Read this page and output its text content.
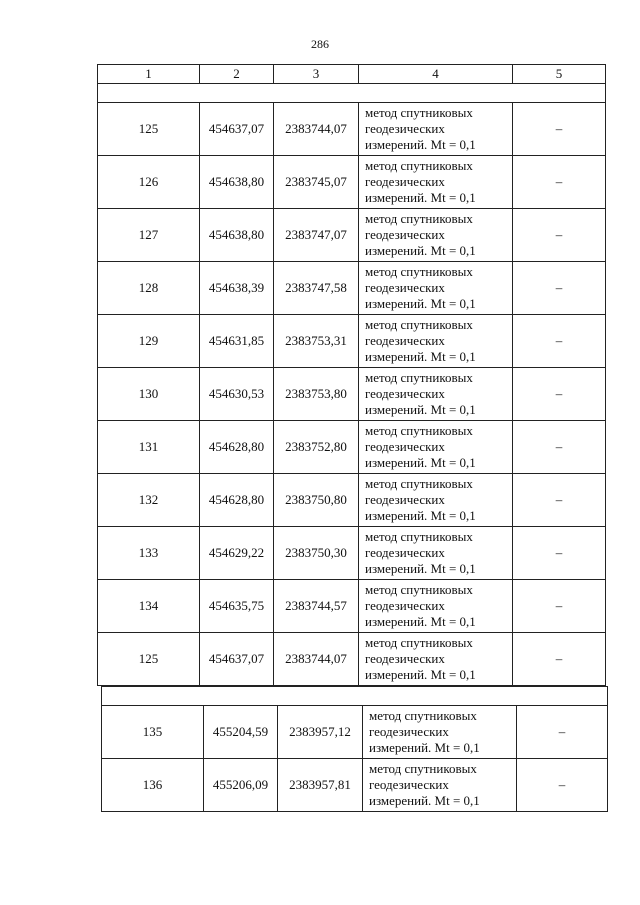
286
1	2	3	4	5

125	454637,07	2383744,07	метод спутниковых
геодезических
измерений. Mt = 0,1	–
126	454638,80	2383745,07	метод спутниковых
геодезических
измерений. Mt = 0,1	–
127	454638,80	2383747,07	метод спутниковых
геодезических
измерений. Mt = 0,1	–
128	454638,39	2383747,58	метод спутниковых
геодезических
измерений. Mt = 0,1	–
129	454631,85	2383753,31	метод спутниковых
геодезических
измерений. Mt = 0,1	–
130	454630,53	2383753,80	метод спутниковых
геодезических
измерений. Mt = 0,1	–
131	454628,80	2383752,80	метод спутниковых
геодезических
измерений. Mt = 0,1	–
132	454628,80	2383750,80	метод спутниковых
геодезических
измерений. Mt = 0,1	–
133	454629,22	2383750,30	метод спутниковых
геодезических
измерений. Mt = 0,1	–
134	454635,75	2383744,57	метод спутниковых
геодезических
измерений. Mt = 0,1	–
125	454637,07	2383744,07	метод спутниковых
геодезических
измерений. Mt = 0,1	–

135	455204,59	2383957,12	метод спутниковых
геодезических
измерений. Mt = 0,1	–
136	455206,09	2383957,81	метод спутниковых
геодезических
измерений. Mt = 0,1	–
